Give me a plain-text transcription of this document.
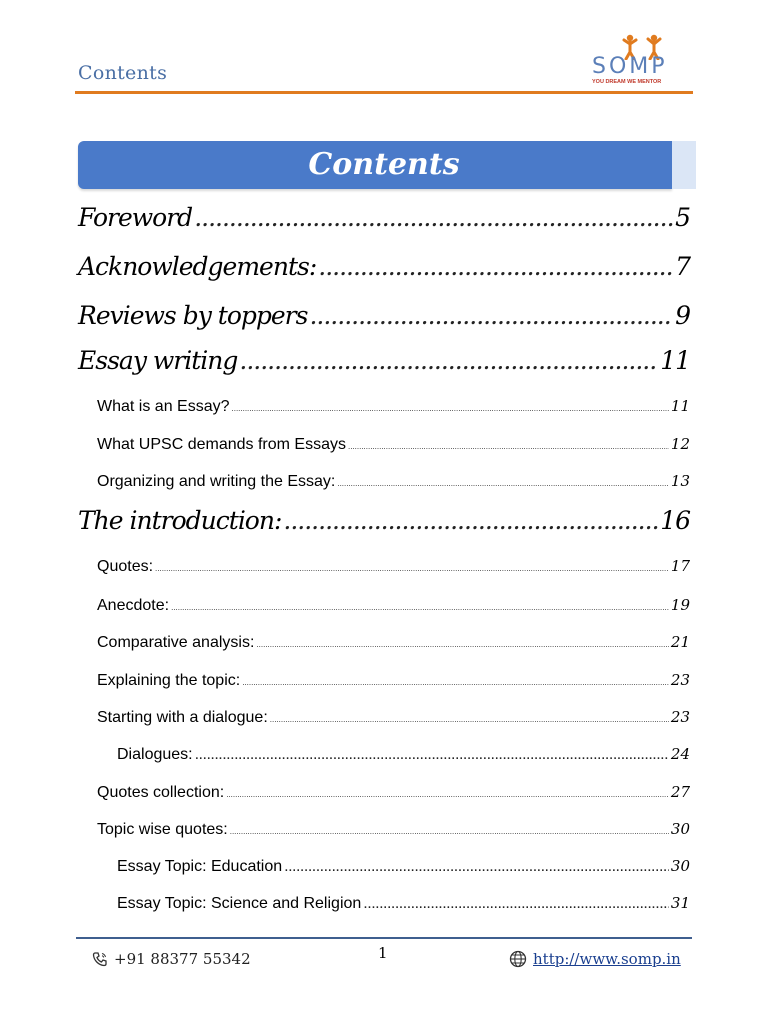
Contents	SOMP
YOU DREAM WE MENTOR
Contents
Foreword .....	5
Acknowledgements: .....	7
Reviews by toppers .....	9
Essay writing .....	11
What is an Essay? .....	11
What UPSC demands from Essays .....	12
Organizing and writing the Essay: .....	13
The introduction: .....	16
Quotes: .....	17
Anecdote: .....	19
Comparative analysis: .....	21
Explaining the topic: .....	23
Starting with a dialogue: .....	23
Dialogues: .....	24
Quotes collection: .....	27
Topic wise quotes: .....	30
Essay Topic: Education .....	30
Essay Topic: Science and Religion .....	31
1
+91 88377 55342	http://www.somp.in
